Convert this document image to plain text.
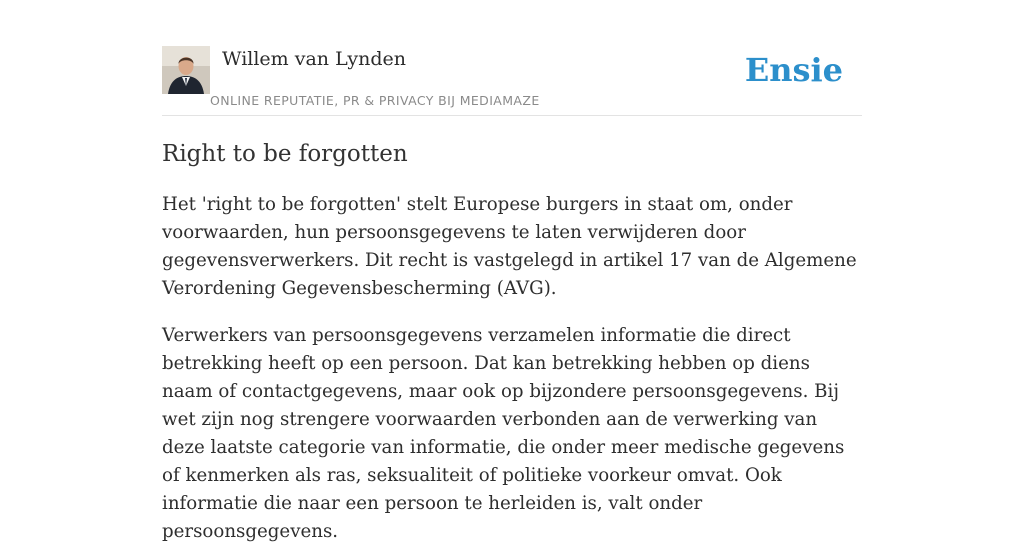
Willem van Lynden
ONLINE REPUTATIE, PR & PRIVACY BIJ MEDIAMAZE
Ensie
Right to be forgotten

Het 'right to be forgotten' stelt Europese burgers in staat om, onder voorwaarden, hun persoonsgegevens te laten verwijderen door gegevensverwerkers. Dit recht is vastgelegd in artikel 17 van de Algemene Verordening Gegevensbescherming (AVG).

Verwerkers van persoonsgegevens verzamelen informatie die direct betrekking heeft op een persoon. Dat kan betrekking hebben op diens naam of contactgegevens, maar ook op bijzondere persoonsgegevens. Bij wet zijn nog strengere voorwaarden verbonden aan de verwerking van deze laatste categorie van informatie, die onder meer medische gegevens of kenmerken als ras, seksualiteit of politieke voorkeur omvat. Ook informatie die naar een persoon te herleiden is, valt onder persoonsgegevens.
